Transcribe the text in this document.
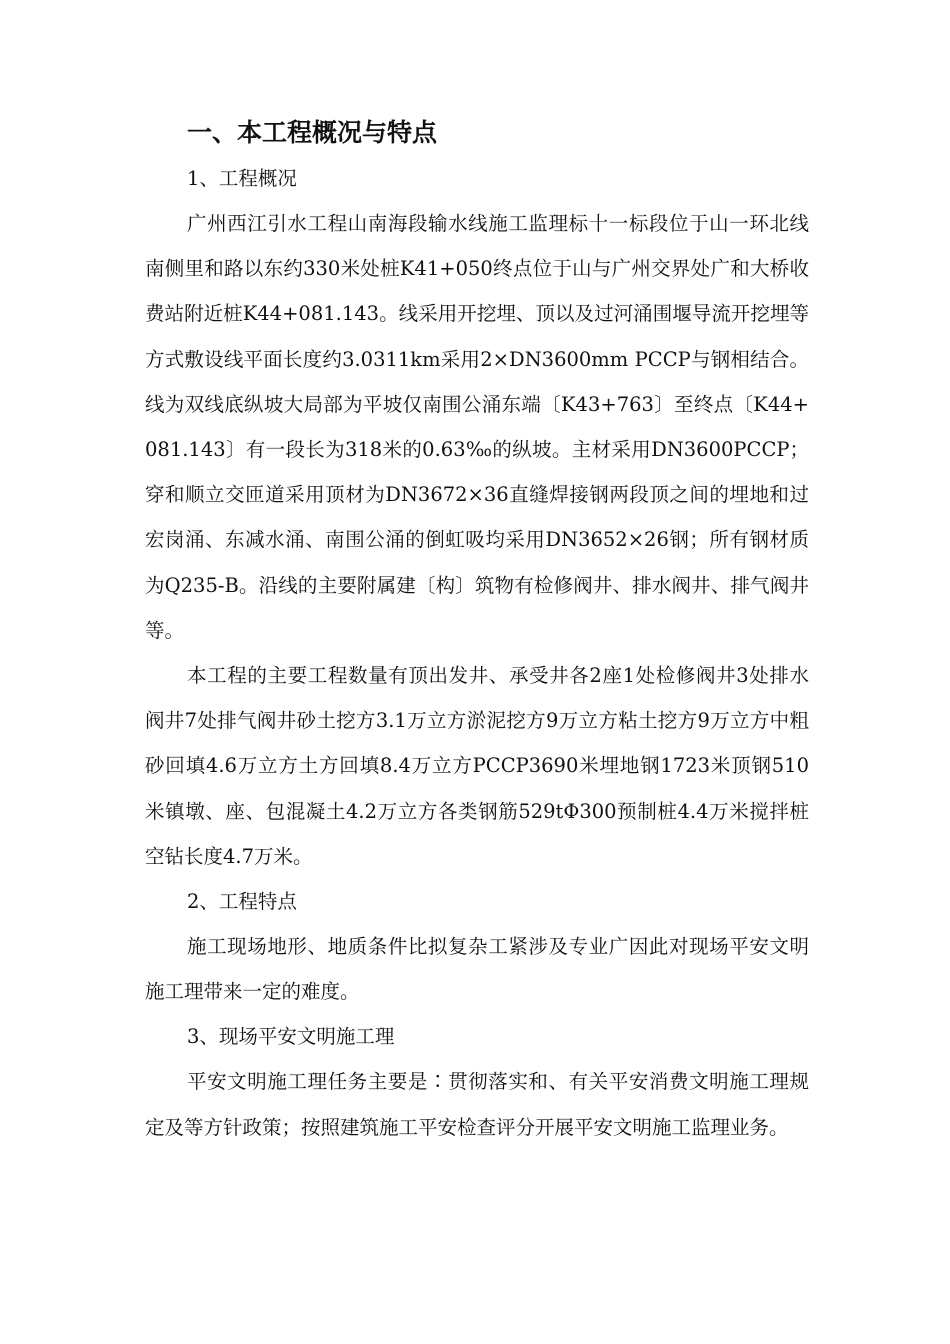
一、本工程概况与特点

1、工程概况

广州西江引水工程山南海段输水线施工监理标十一标段位于山一环北线南侧里和路以东约330米处桩K41+050终点位于山与广州交界处广和大桥收费站附近桩K44+081.143。线采用开挖埋、顶以及过河涌围堰导流开挖埋等方式敷设线平面长度约3.0311km采用2×DN3600mm PCCP与钢相结合。线为双线底纵坡大局部为平坡仅南围公涌东端〔K43+763〕至终点〔K44+081.143〕有一段长为318米的0.63‰的纵坡。主材采用DN3600PCCP；穿和顺立交匝道采用顶材为DN3672×36直缝焊接钢两段顶之间的埋地和过宏岗涌、东减水涌、南围公涌的倒虹吸均采用DN3652×26钢；所有钢材质为Q235-B。沿线的主要附属建〔构〕筑物有检修阀井、排水阀井、排气阀井等。

本工程的主要工程数量有顶出发井、承受井各2座1处检修阀井3处排水阀井7处排气阀井砂土挖方3.1万立方淤泥挖方9万立方粘土挖方9万立方中粗砂回填4.6万立方土方回填8.4万立方PCCP3690米埋地钢1723米顶钢510米镇墩、座、包混凝土4.2万立方各类钢筋529tΦ300预制桩4.4万米搅拌桩空钻长度4.7万米。

2、工程特点

施工现场地形、地质条件比拟复杂工紧涉及专业广因此对现场平安文明施工理带来一定的难度。

3、现场平安文明施工理

平安文明施工理任务主要是∶贯彻落实和、有关平安消费文明施工理规定及等方针政策；按照建筑施工平安检查评分开展平安文明施工监理业务。
